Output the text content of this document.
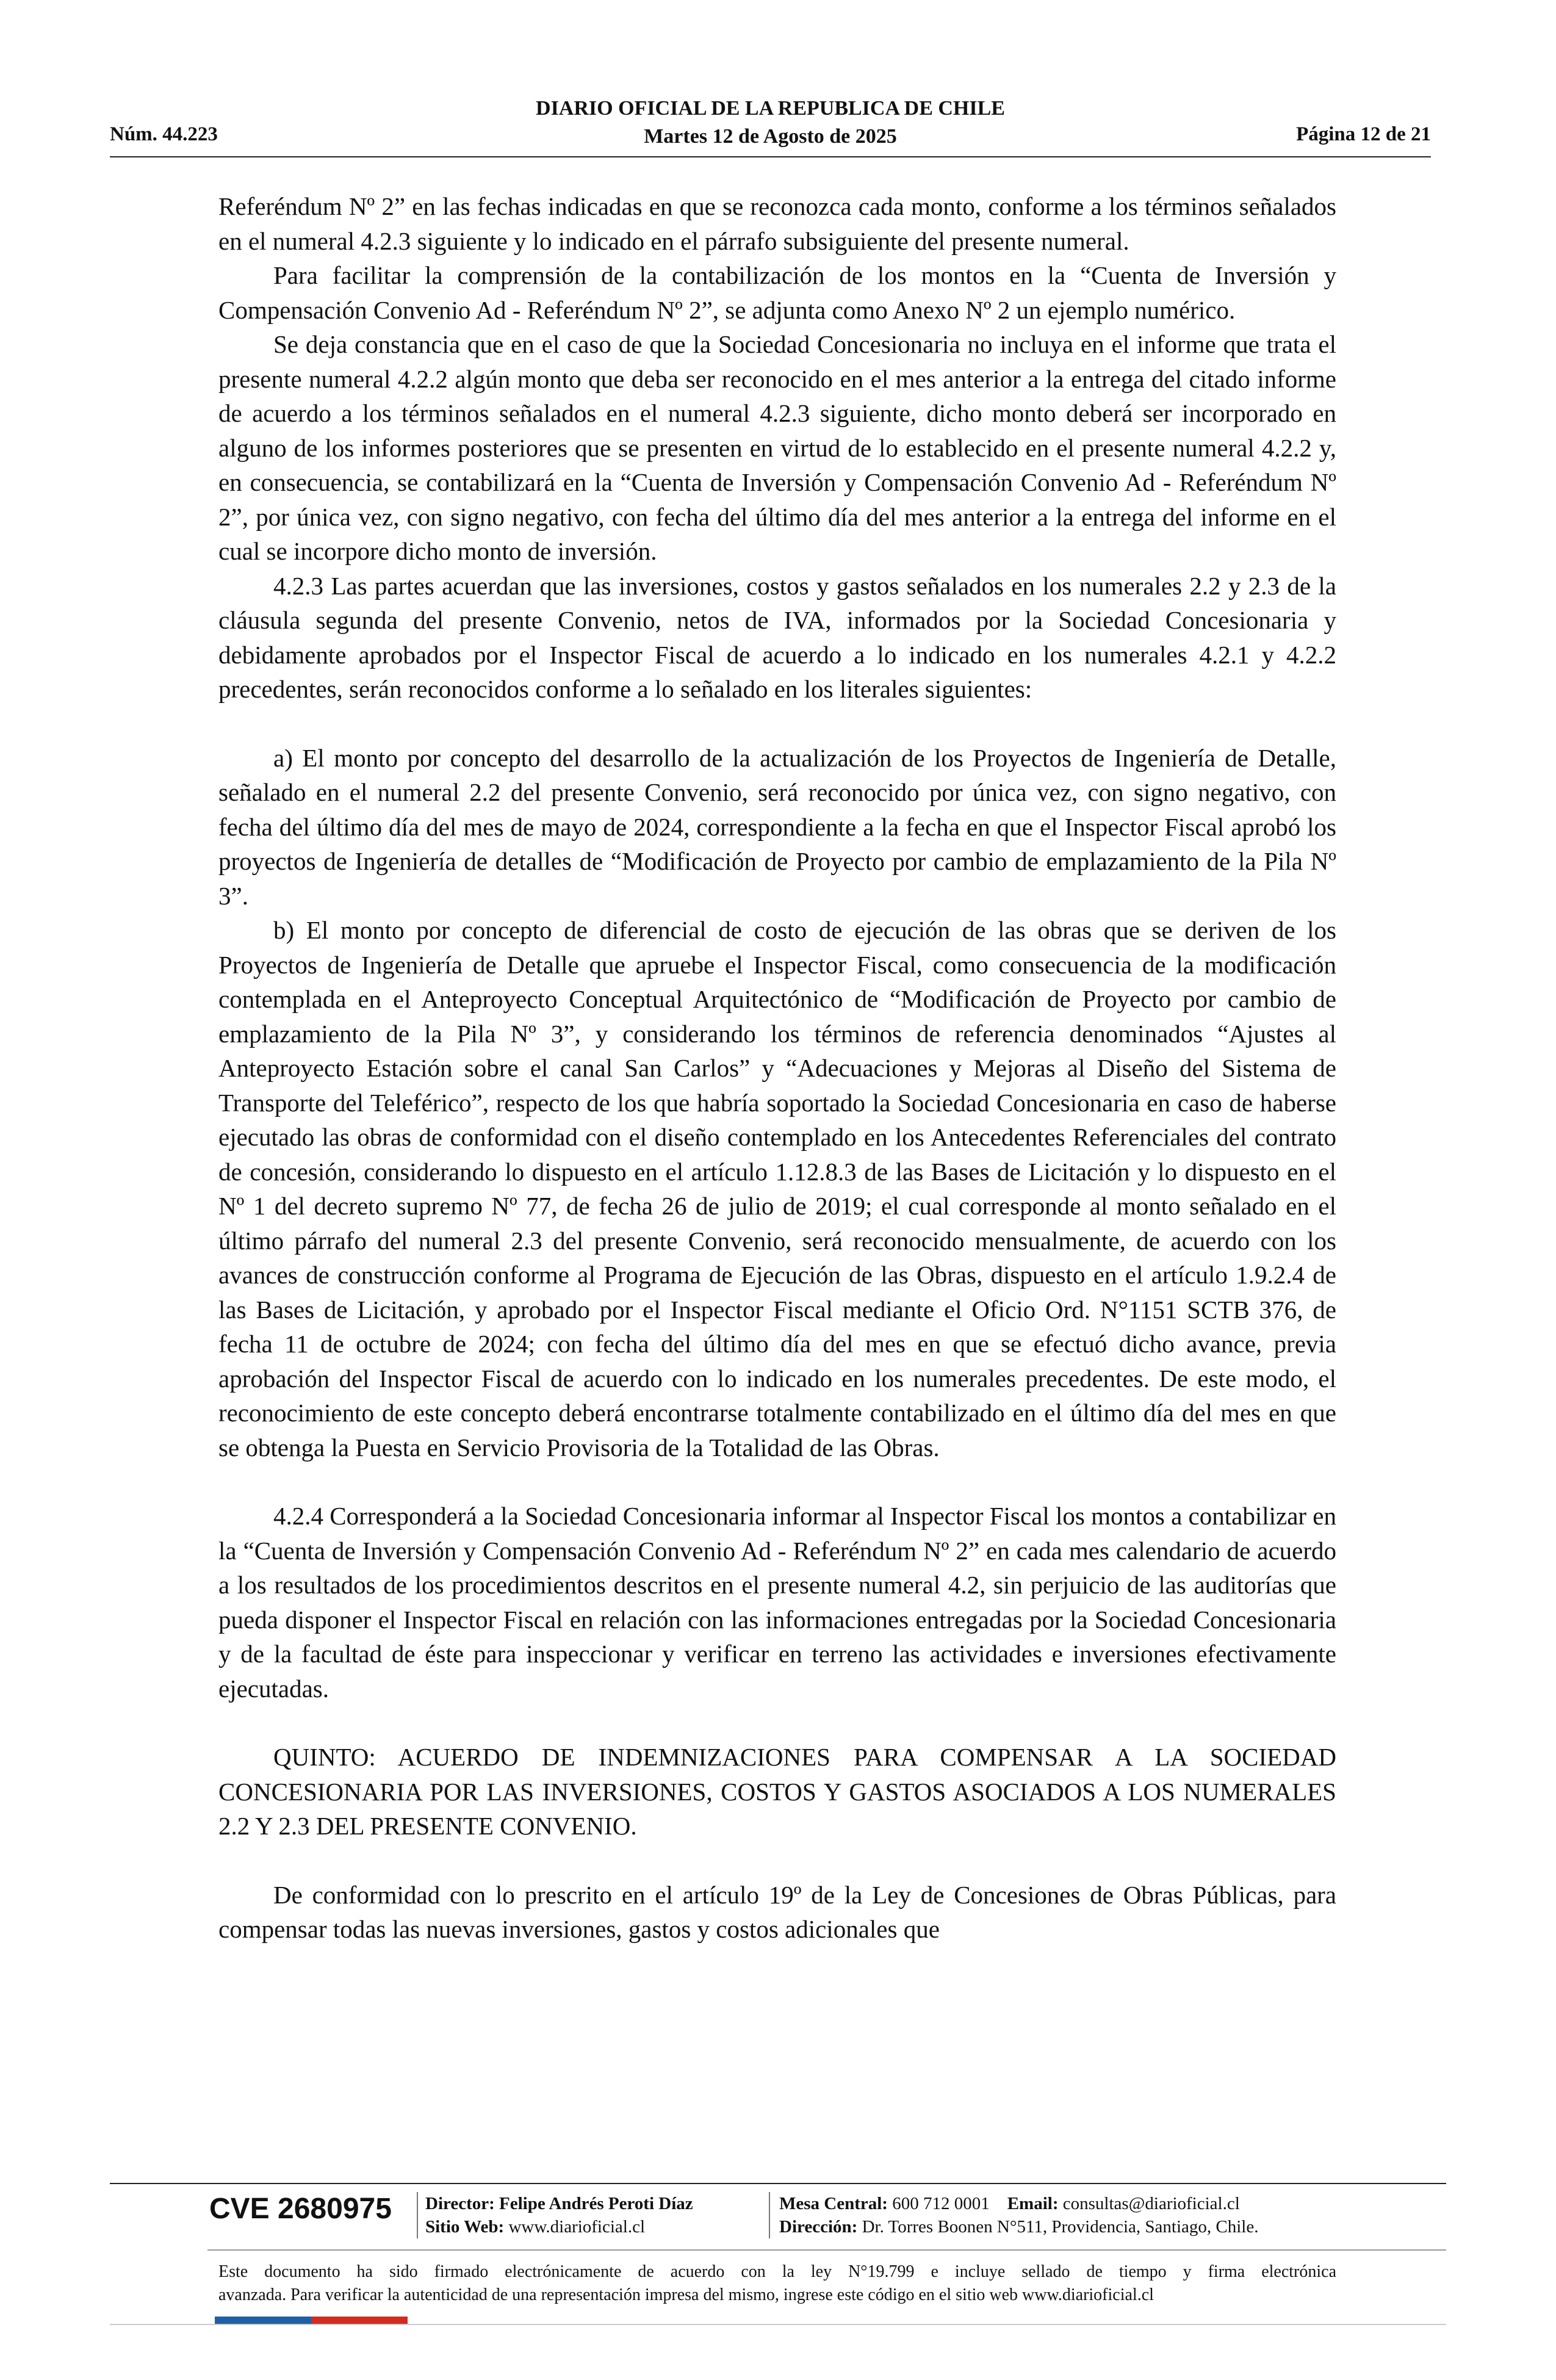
Núm. 44.223
DIARIO OFICIAL DE LA REPUBLICA DE CHILE
Martes 12 de Agosto de 2025	Página 12 de 21

Referéndum Nº 2” en las fechas indicadas en que se reconozca cada monto, conforme a los términos señalados en el numeral 4.2.3 siguiente y lo indicado en el párrafo subsiguiente del presente numeral.

Para facilitar la comprensión de la contabilización de los montos en la “Cuenta de Inversión y Compensación Convenio Ad - Referéndum Nº 2”, se adjunta como Anexo Nº 2 un ejemplo numérico.

Se deja constancia que en el caso de que la Sociedad Concesionaria no incluya en el informe que trata el presente numeral 4.2.2 algún monto que deba ser reconocido en el mes anterior a la entrega del citado informe de acuerdo a los términos señalados en el numeral 4.2.3 siguiente, dicho monto deberá ser incorporado en alguno de los informes posteriores que se presenten en virtud de lo establecido en el presente numeral 4.2.2 y, en consecuencia, se contabilizará en la “Cuenta de Inversión y Compensación Convenio Ad - Referéndum Nº 2”, por única vez, con signo negativo, con fecha del último día del mes anterior a la entrega del informe en el cual se incorpore dicho monto de inversión.

4.2.3 Las partes acuerdan que las inversiones, costos y gastos señalados en los numerales 2.2 y 2.3 de la cláusula segunda del presente Convenio, netos de IVA, informados por la Sociedad Concesionaria y debidamente aprobados por el Inspector Fiscal de acuerdo a lo indicado en los numerales 4.2.1 y 4.2.2 precedentes, serán reconocidos conforme a lo señalado en los literales siguientes:

a) El monto por concepto del desarrollo de la actualización de los Proyectos de Ingeniería de Detalle, señalado en el numeral 2.2 del presente Convenio, será reconocido por única vez, con signo negativo, con fecha del último día del mes de mayo de 2024, correspondiente a la fecha en que el Inspector Fiscal aprobó los proyectos de Ingeniería de detalles de “Modificación de Proyecto por cambio de emplazamiento de la Pila Nº 3”.

b) El monto por concepto de diferencial de costo de ejecución de las obras que se deriven de los Proyectos de Ingeniería de Detalle que apruebe el Inspector Fiscal, como consecuencia de la modificación contemplada en el Anteproyecto Conceptual Arquitectónico de “Modificación de Proyecto por cambio de emplazamiento de la Pila Nº 3”, y considerando los términos de referencia denominados “Ajustes al Anteproyecto Estación sobre el canal San Carlos” y “Adecuaciones y Mejoras al Diseño del Sistema de Transporte del Teleférico”, respecto de los que habría soportado la Sociedad Concesionaria en caso de haberse ejecutado las obras de conformidad con el diseño contemplado en los Antecedentes Referenciales del contrato de concesión, considerando lo dispuesto en el artículo 1.12.8.3 de las Bases de Licitación y lo dispuesto en el Nº 1 del decreto supremo Nº 77, de fecha 26 de julio de 2019; el cual corresponde al monto señalado en el último párrafo del numeral 2.3 del presente Convenio, será reconocido mensualmente, de acuerdo con los avances de construcción conforme al Programa de Ejecución de las Obras, dispuesto en el artículo 1.9.2.4 de las Bases de Licitación, y aprobado por el Inspector Fiscal mediante el Oficio Ord. N°1151 SCTB 376, de fecha 11 de octubre de 2024; con fecha del último día del mes en que se efectuó dicho avance, previa aprobación del Inspector Fiscal de acuerdo con lo indicado en los numerales precedentes. De este modo, el reconocimiento de este concepto deberá encontrarse totalmente contabilizado en el último día del mes en que se obtenga la Puesta en Servicio Provisoria de la Totalidad de las Obras.

4.2.4 Corresponderá a la Sociedad Concesionaria informar al Inspector Fiscal los montos a contabilizar en la “Cuenta de Inversión y Compensación Convenio Ad - Referéndum Nº 2” en cada mes calendario de acuerdo a los resultados de los procedimientos descritos en el presente numeral 4.2, sin perjuicio de las auditorías que pueda disponer el Inspector Fiscal en relación con las informaciones entregadas por la Sociedad Concesionaria y de la facultad de éste para inspeccionar y verificar en terreno las actividades e inversiones efectivamente ejecutadas.

QUINTO: ACUERDO DE INDEMNIZACIONES PARA COMPENSAR A LA SOCIEDAD CONCESIONARIA POR LAS INVERSIONES, COSTOS Y GASTOS ASOCIADOS A LOS NUMERALES 2.2 Y 2.3 DEL PRESENTE CONVENIO.

De conformidad con lo prescrito en el artículo 19º de la Ley de Concesiones de Obras Públicas, para compensar todas las nuevas inversiones, gastos y costos adicionales que

CVE 2680975 Director: Felipe Andrés Peroti Díaz
Sitio Web: www.diarioficial.cl
Mesa Central: 600 712 0001 Email: consultas@diarioficial.cl
Dirección: Dr. Torres Boonen N°511, Providencia, Santiago, Chile.
Este documento ha sido firmado electrónicamente de acuerdo con la ley N°19.799 e incluye sellado de tiempo y firma electrónica
avanzada. Para verificar la autenticidad de una representación impresa del mismo, ingrese este código en el sitio web www.diarioficial.cl
